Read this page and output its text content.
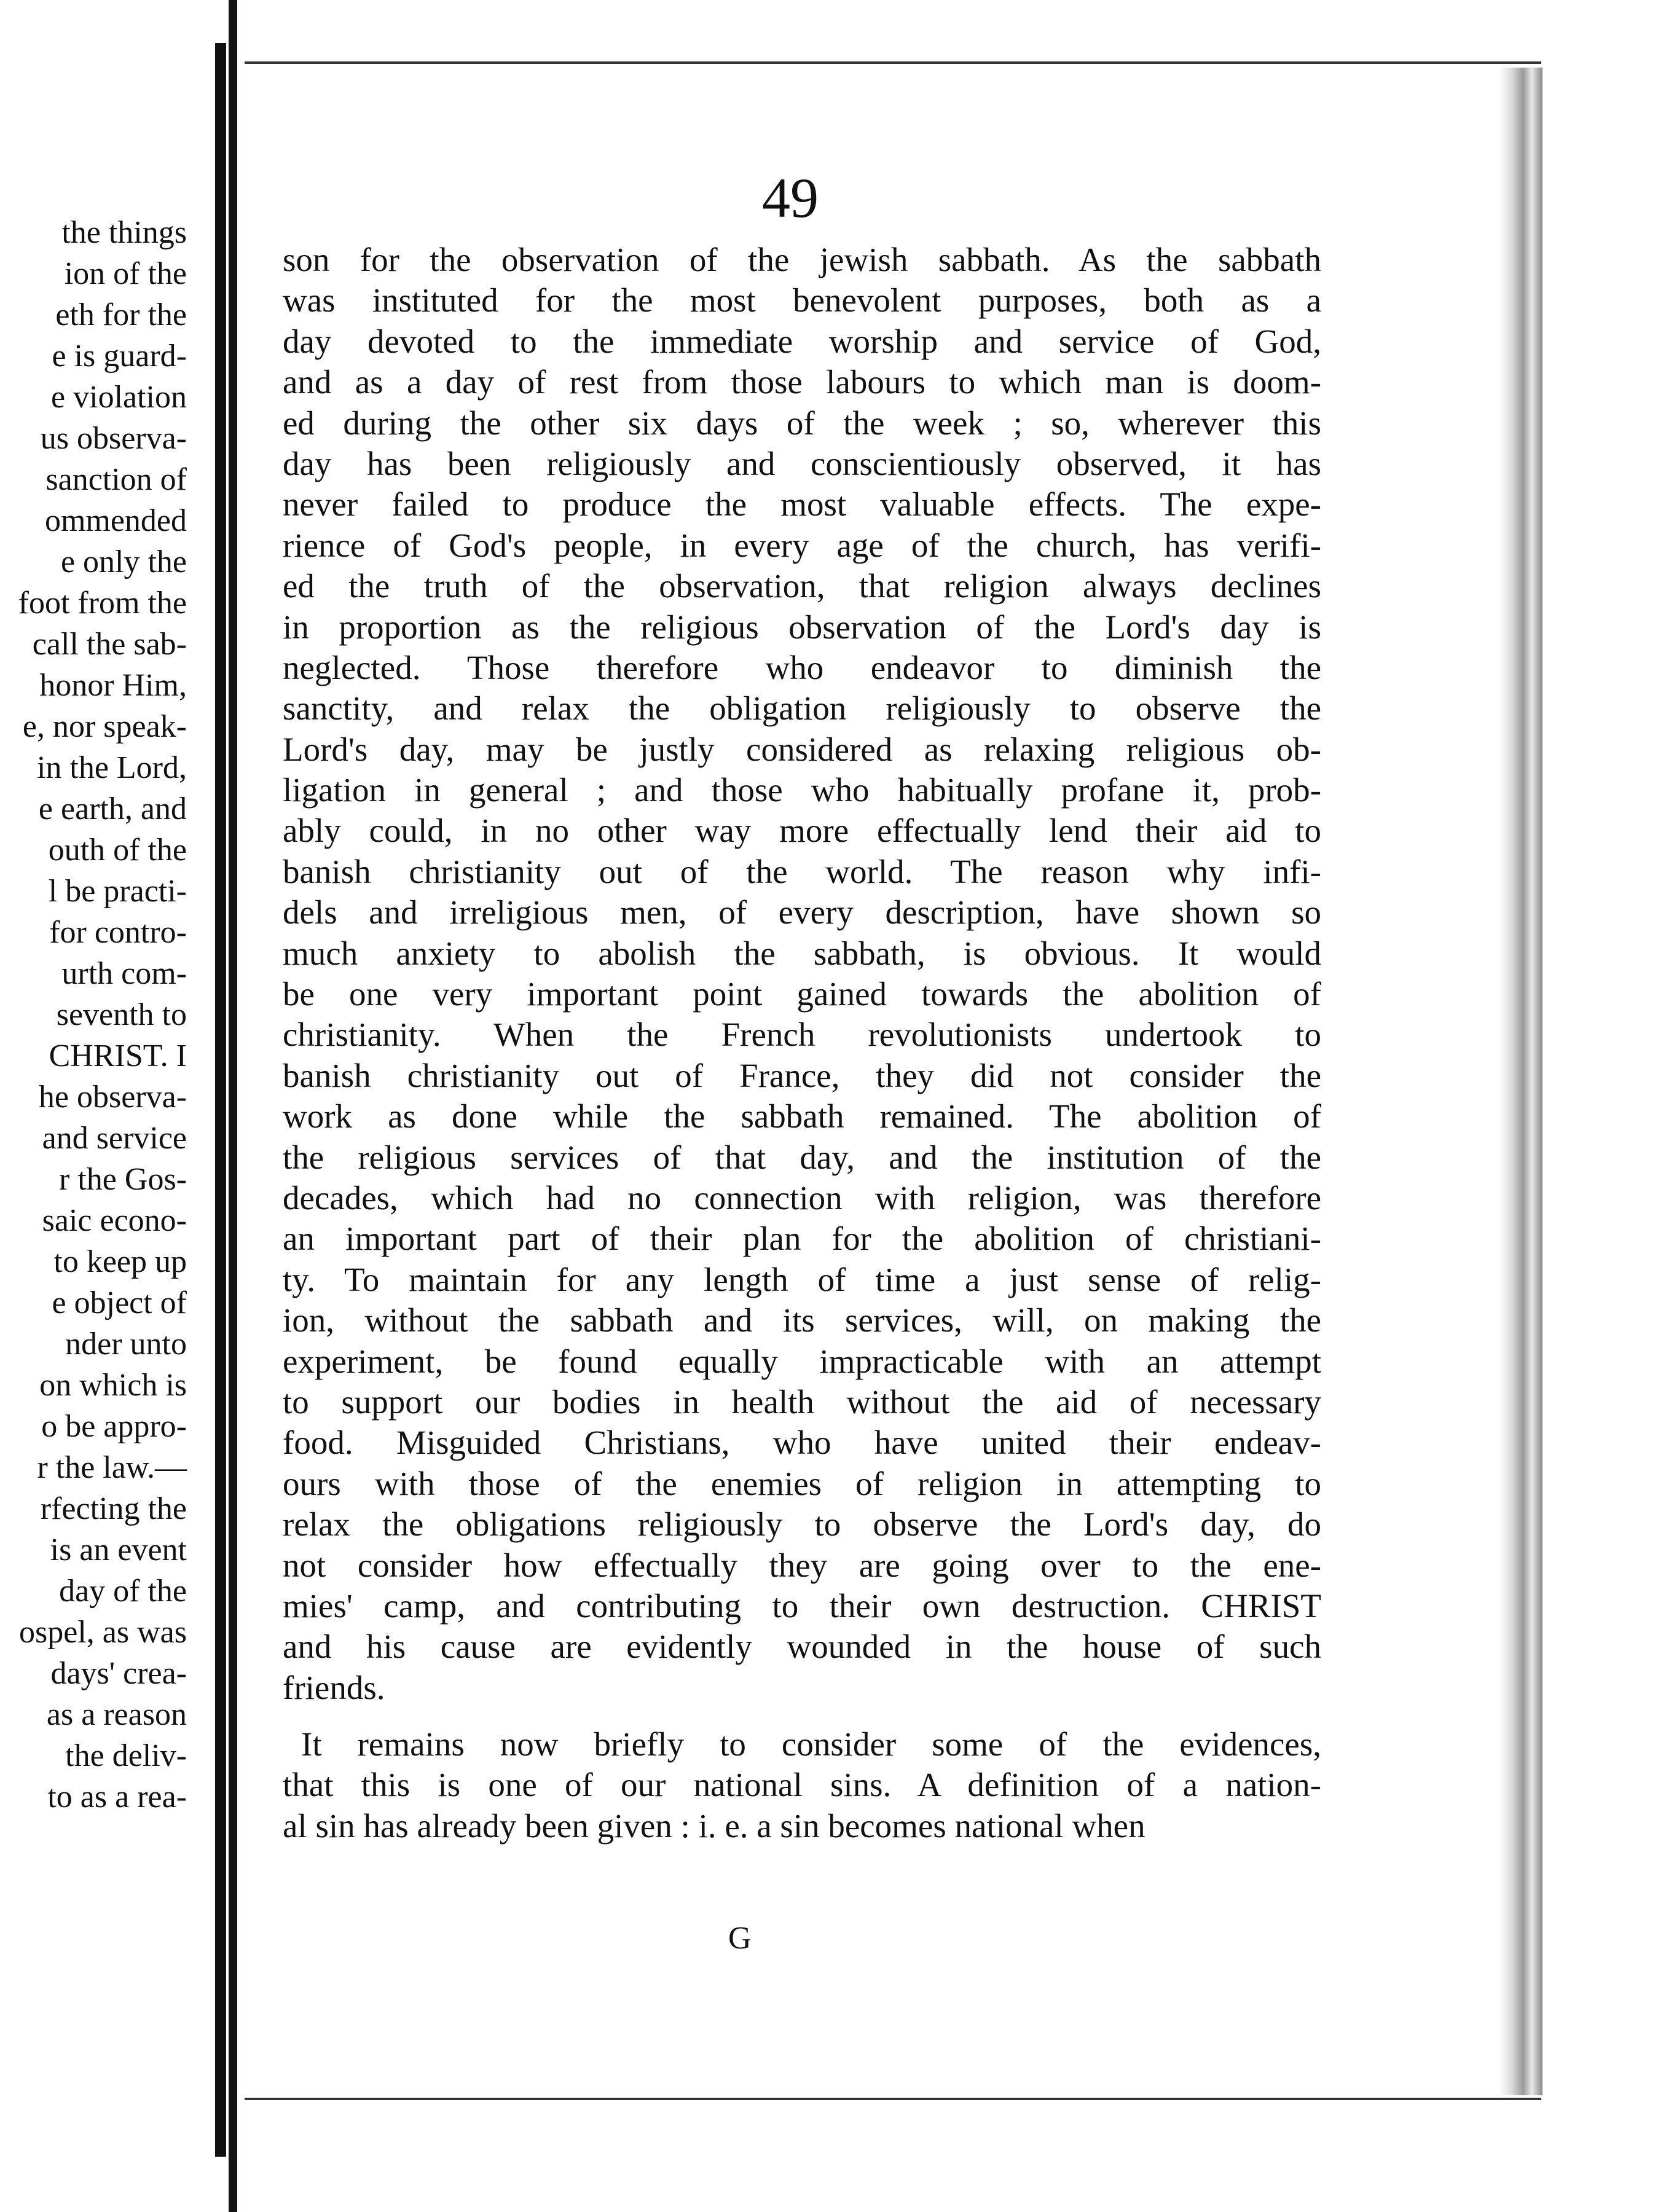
the things
ion of the
eth for the
e is guard-
e violation
us observa-
sanction of
ommended
e only the
foot from the
call the sab-
honor Him,
e, nor speak-
in the Lord,
e earth, and
outh of the
l be practi-
for contro-
urth com-
seventh to
CHRIST. I
he observa-
and service
r the Gos-
saic econo-
to keep up
e object of
nder unto
on which is
o be appro-
r the law.—
rfecting the
is an event
day of the
ospel, as was
days' crea-
as a reason
the deliv-
to as a rea-
49
son for the observation of the jewish sabbath. As the sabbath
was instituted for the most benevolent purposes, both as a
day devoted to the immediate worship and service of God,
and as a day of rest from those labours to which man is doom-
ed during the other six days of the week ; so, wherever this
day has been religiously and conscientiously observed, it has
never failed to produce the most valuable effects. The expe-
rience of God's people, in every age of the church, has verifi-
ed the truth of the observation, that religion always declines
in proportion as the religious observation of the Lord's day is
neglected. Those therefore who endeavor to diminish the
sanctity, and relax the obligation religiously to observe the
Lord's day, may be justly considered as relaxing religious ob-
ligation in general ; and those who habitually profane it, prob-
ably could, in no other way more effectually lend their aid to
banish christianity out of the world. The reason why infi-
dels and irreligious men, of every description, have shown so
much anxiety to abolish the sabbath, is obvious. It would
be one very important point gained towards the abolition of
christianity. When the French revolutionists undertook to
banish christianity out of France, they did not consider the
work as done while the sabbath remained. The abolition of
the religious services of that day, and the institution of the
decades, which had no connection with religion, was therefore
an important part of their plan for the abolition of christiani-
ty. To maintain for any length of time a just sense of relig-
ion, without the sabbath and its services, will, on making the
experiment, be found equally impracticable with an attempt
to support our bodies in health without the aid of necessary
food. Misguided Christians, who have united their endeav-
ours with those of the enemies of religion in attempting to
relax the obligations religiously to observe the Lord's day, do
not consider how effectually they are going over to the ene-
mies' camp, and contributing to their own destruction. CHRIST
and his cause are evidently wounded in the house of such
friends.
It remains now briefly to consider some of the evidences,
that this is one of our national sins. A definition of a nation-
al sin has already been given : i. e. a sin becomes national when
G
